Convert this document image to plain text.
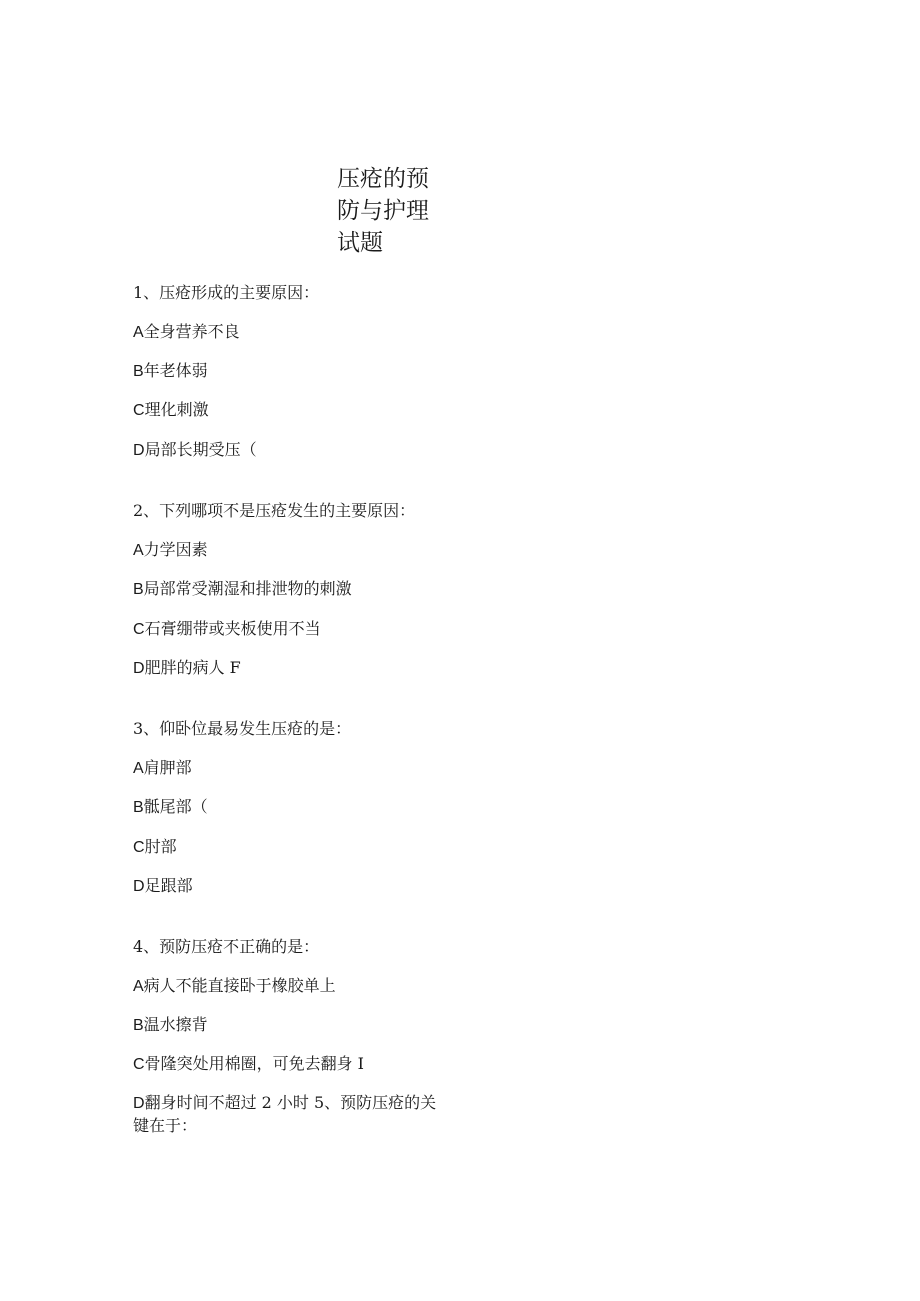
压疮的预
防与护理
试题

1、压疮形成的主要原因：

A全身营养不良

B年老体弱

C理化刺激

D局部长期受压（

2、下列哪项不是压疮发生的主要原因：

A力学因素

B局部常受潮湿和排泄物的刺激

C石膏绷带或夹板使用不当

D肥胖的病人 F

3、仰卧位最易发生压疮的是：

A肩胛部

B骶尾部（

C肘部

D足跟部

4、预防压疮不正确的是：

A病人不能直接卧于橡胶单上

B温水擦背

C骨隆突处用棉圈，可免去翻身 I

D翻身时间不超过 2 小时 5、预防压疮的关键在于：
